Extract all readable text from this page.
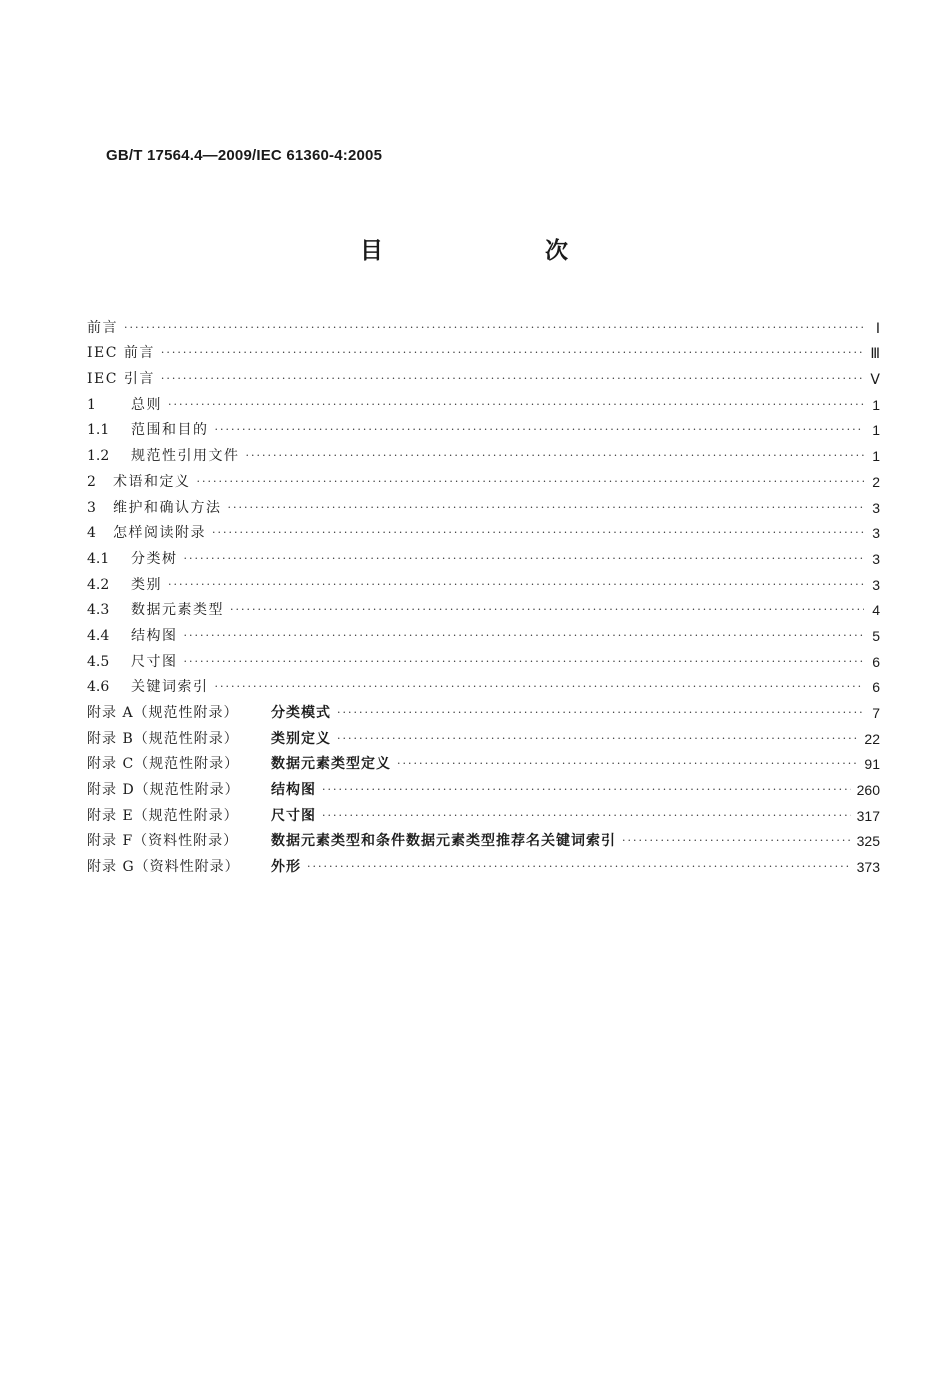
GB/T 17564.4—2009/IEC 61360-4:2005
目 次
前言 ·····	Ⅰ
IEC 前言 ·····	Ⅲ
IEC 引言 ·····	Ⅴ
1	总则 ·····	1
1.1	范围和目的 ·····	1
1.2	规范性引用文件 ·····	1
2	术语和定义 ·····	2
3	维护和确认方法 ·····	3
4	怎样阅读附录 ·····	3
4.1	分类树 ·····	3
4.2	类别 ·····	3
4.3	数据元素类型 ·····	4
4.4	结构图 ·····	5
4.5	尺寸图 ·····	6
4.6	关键词索引 ·····	6
附录 A（规范性附录）	分类模式 ·····	7
附录 B（规范性附录）	类别定义 ·····	22
附录 C（规范性附录）	数据元素类型定义 ·····	91
附录 D（规范性附录）	结构图 ·····	260
附录 E（规范性附录）	尺寸图 ·····	317
附录 F（资料性附录）	数据元素类型和条件数据元素类型推荐名关键词索引 ·····	325
附录 G（资料性附录）	外形 ·····	373
